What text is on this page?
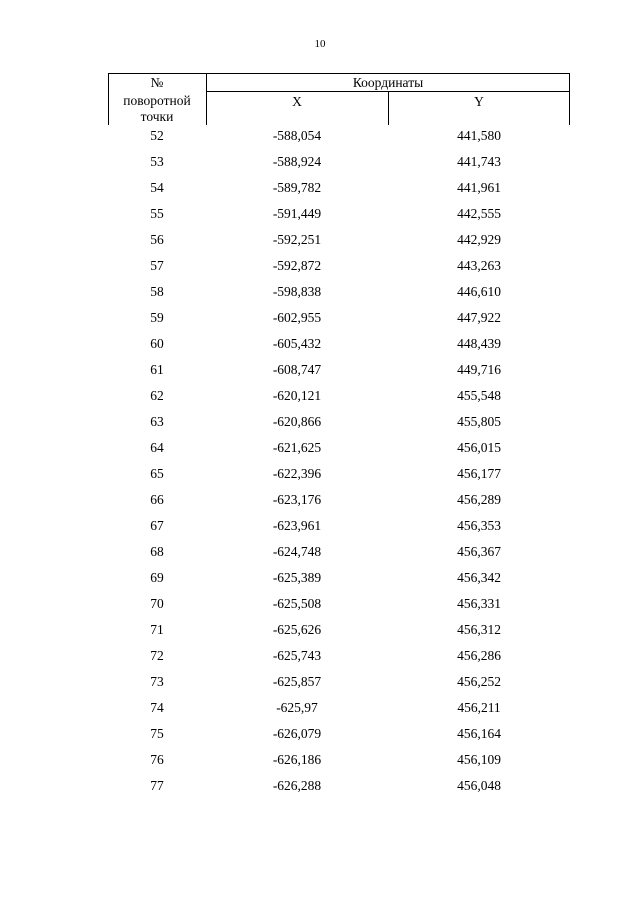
10
№
поворотной
точки
Координаты
X	Y
52	-588,054	441,580
53	-588,924	441,743
54	-589,782	441,961
55	-591,449	442,555
56	-592,251	442,929
57	-592,872	443,263
58	-598,838	446,610
59	-602,955	447,922
60	-605,432	448,439
61	-608,747	449,716
62	-620,121	455,548
63	-620,866	455,805
64	-621,625	456,015
65	-622,396	456,177
66	-623,176	456,289
67	-623,961	456,353
68	-624,748	456,367
69	-625,389	456,342
70	-625,508	456,331
71	-625,626	456,312
72	-625,743	456,286
73	-625,857	456,252
74	-625,97	456,211
75	-626,079	456,164
76	-626,186	456,109
77	-626,288	456,048
